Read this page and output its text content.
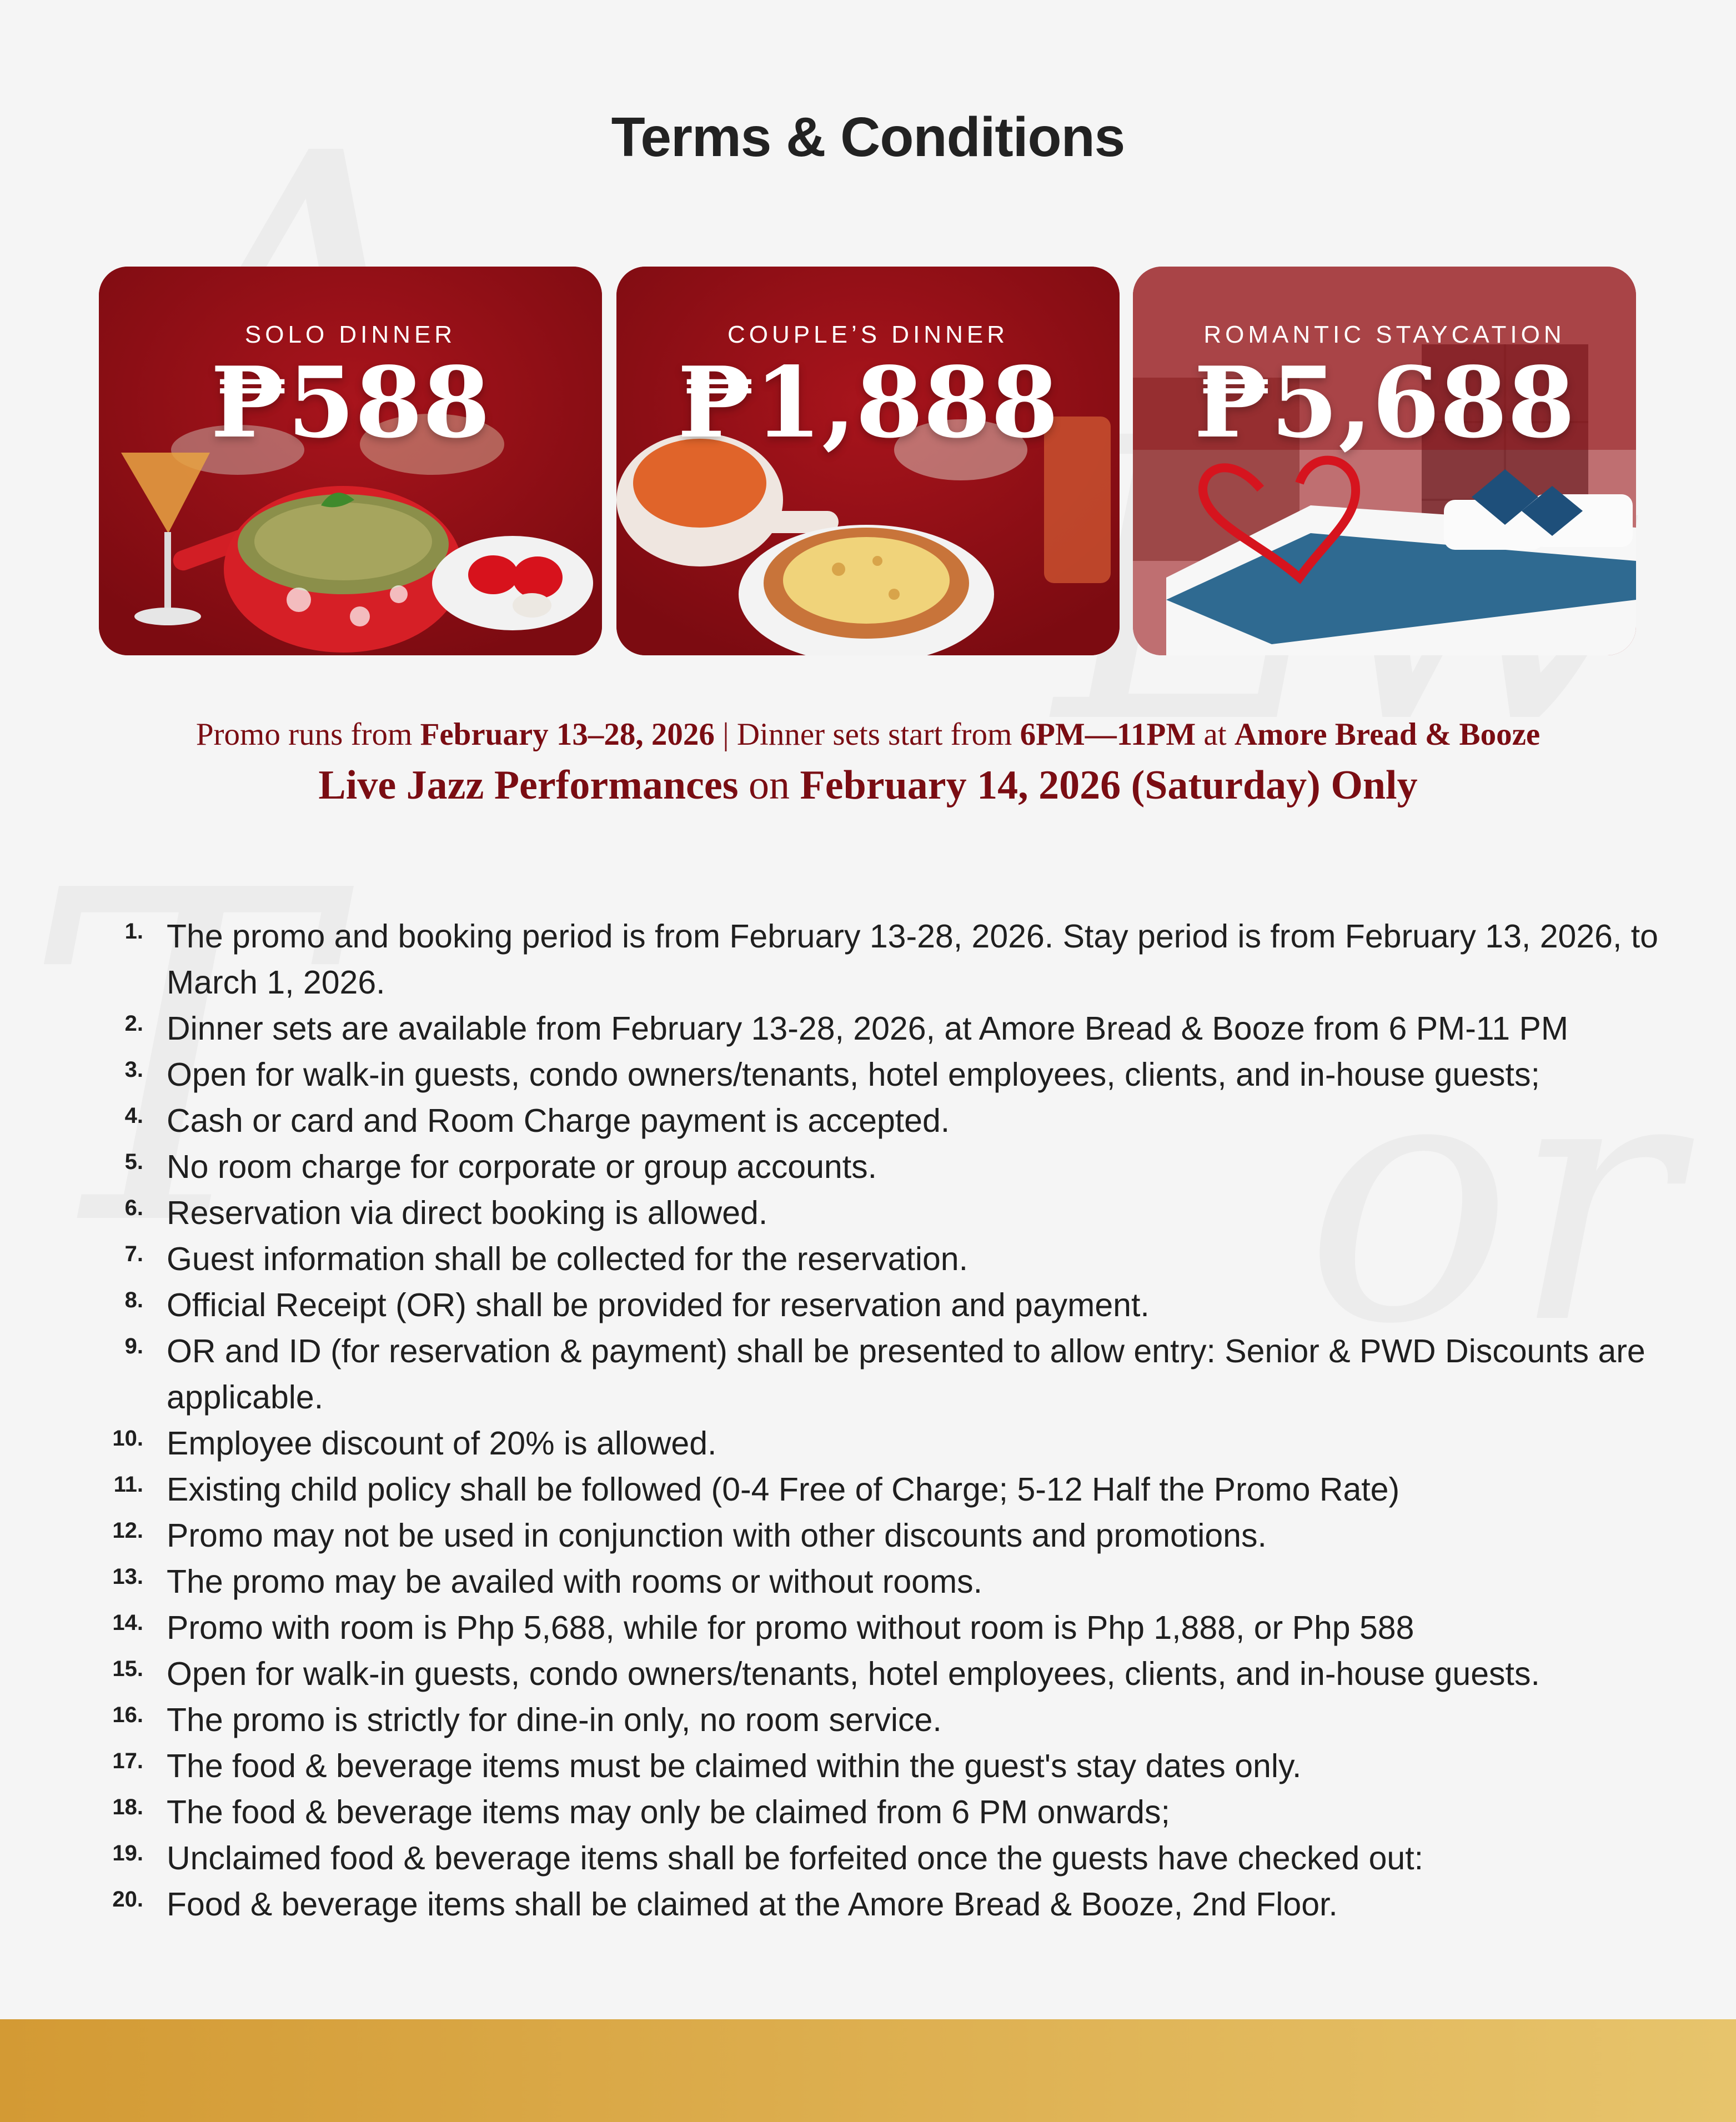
Terms & Conditions
SOLO DINNER
₱588
COUPLE’S DINNER
₱1,888
ROMANTIC STAYCATION
₱5,688
Promo runs from February 13–28, 2026 | Dinner sets start from 6PM—11PM at Amore Bread & Booze
Live Jazz Performances on February 14, 2026 (Saturday) Only
1. The promo and booking period is from February 13-28, 2026. Stay period is from February 13, 2026, to March 1, 2026.
2. Dinner sets are available from February 13-28, 2026, at Amore Bread & Booze from 6 PM-11 PM
3. Open for walk-in guests, condo owners/tenants, hotel employees, clients, and in-house guests;
4. Cash or card and Room Charge payment is accepted.
5. No room charge for corporate or group accounts.
6. Reservation via direct booking is allowed.
7. Guest information shall be collected for the reservation.
8. Official Receipt (OR) shall be provided for reservation and payment.
9. OR and ID (for reservation & payment) shall be presented to allow entry: Senior & PWD Discounts are applicable.
10. Employee discount of 20% is allowed.
11. Existing child policy shall be followed (0-4 Free of Charge; 5-12 Half the Promo Rate)
12. Promo may not be used in conjunction with other discounts and promotions.
13. The promo may be availed with rooms or without rooms.
14. Promo with room is Php 5,688, while for promo without room is Php 1,888, or Php 588
15. Open for walk-in guests, condo owners/tenants, hotel employees, clients, and in-house guests.
16. The promo is strictly for dine-in only, no room service.
17. The food & beverage items must be claimed within the guest's stay dates only.
18. The food & beverage items may only be claimed from 6 PM onwards;
19. Unclaimed food & beverage items shall be forfeited once the guests have checked out:
20. Food & beverage items shall be claimed at the Amore Bread & Booze, 2nd Floor.
